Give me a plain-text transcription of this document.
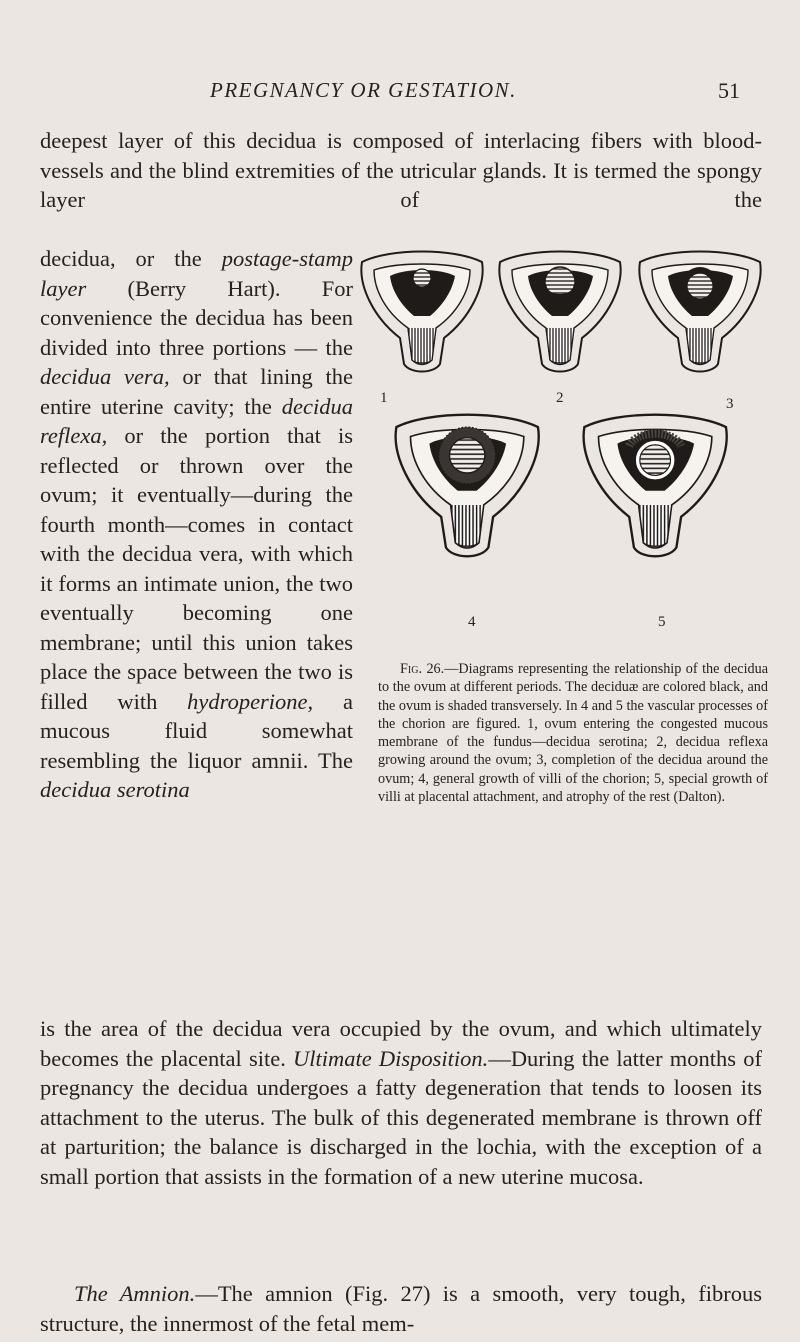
PREGNANCY OR GESTATION.	51

deepest layer of this decidua is composed of interlacing fibers with blood-vessels and the blind extremities of the utricular glands. It is termed the spongy layer of the

decidua, or the postage-stamp layer (Berry Hart). For convenience the decidua has been divided into three portions — the decidua vera, or that lining the entire uterine cavity; the decidua reflexa, or the portion that is reflected or thrown over the ovum; it eventually—during the fourth month—comes in contact with the decidua vera, with which it forms an intimate union, the two eventually becoming one membrane; until this union takes place the space between the two is filled with hydroperione, a mucous fluid somewhat resembling the liquor amnii. The decidua serotina

1	2	3
4	5

Fig. 26.—Diagrams representing the relationship of the decidua to the ovum at different periods. The deciduæ are colored black, and the ovum is shaded transversely. In 4 and 5 the vascular processes of the chorion are figured. 1, ovum entering the congested mucous membrane of the fundus—decidua serotina; 2, decidua reflexa growing around the ovum; 3, completion of the decidua around the ovum; 4, general growth of villi of the chorion; 5, special growth of villi at placental attachment, and atrophy of the rest (Dalton).

is the area of the decidua vera occupied by the ovum, and which ultimately becomes the placental site. Ultimate Disposition.—During the latter months of pregnancy the decidua undergoes a fatty degeneration that tends to loosen its attachment to the uterus. The bulk of this degenerated membrane is thrown off at parturition; the balance is discharged in the lochia, with the exception of a small portion that assists in the formation of a new uterine mucosa.

The Amnion.—The amnion (Fig. 27) is a smooth, very tough, fibrous structure, the innermost of the fetal mem-
